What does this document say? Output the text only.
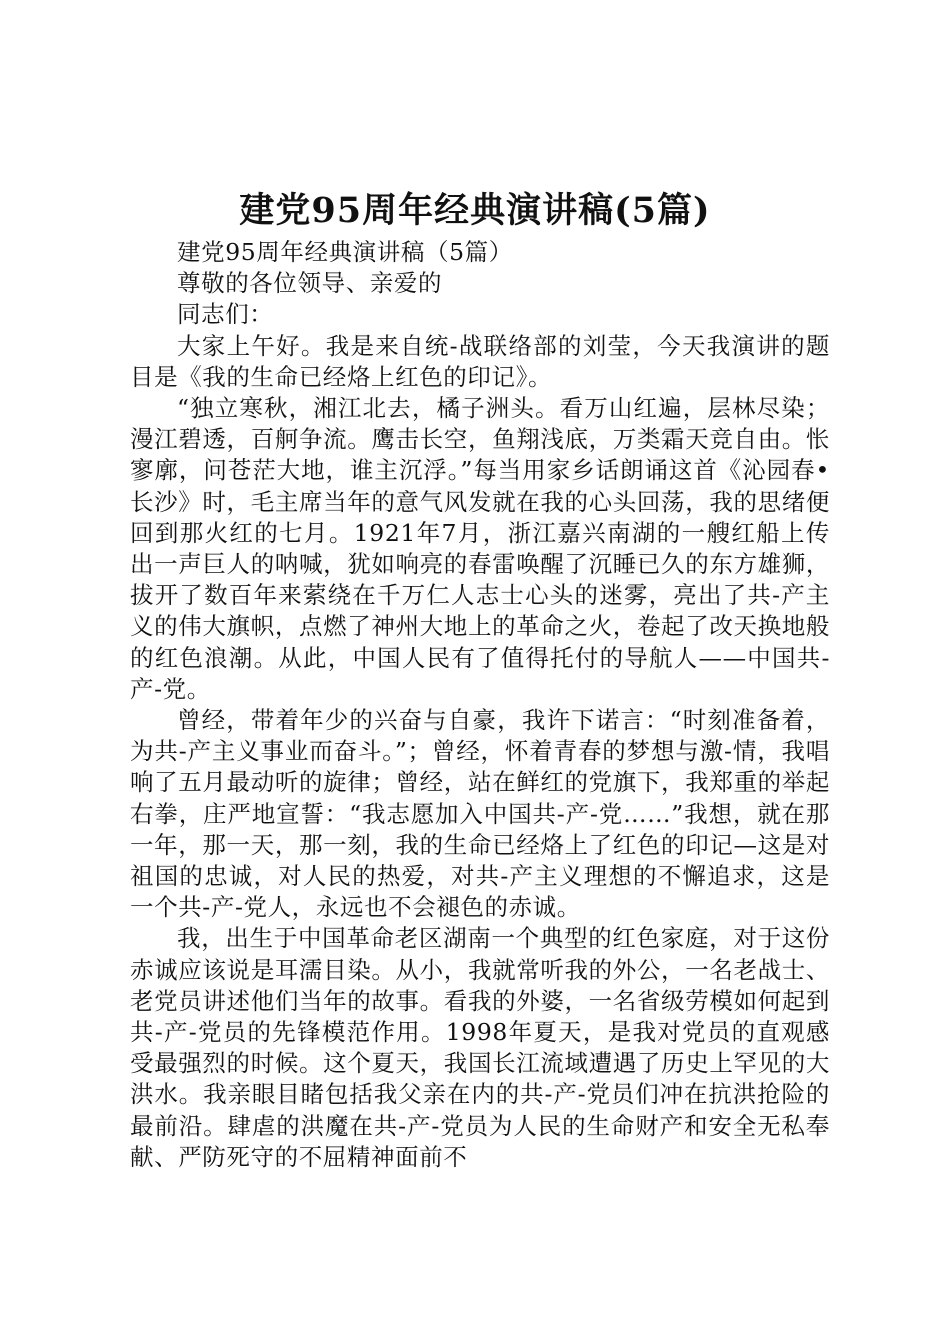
建党95周年经典演讲稿(5篇)

建党95周年经典演讲稿（5篇）

尊敬的各位领导、亲爱的

同志们：

大家上午好。我是来自统-战联络部的刘莹，今天我演讲的题目是《我的生命已经烙上红色的印记》。

“独立寒秋，湘江北去，橘子洲头。看万山红遍，层林尽染；漫江碧透，百舸争流。鹰击长空，鱼翔浅底，万类霜天竞自由。怅寥廓，问苍茫大地，谁主沉浮。”每当用家乡话朗诵这首《沁园春•长沙》时，毛主席当年的意气风发就在我的心头回荡，我的思绪便回到那火红的七月。1921年7月，浙江嘉兴南湖的一艘红船上传出一声巨人的呐喊，犹如响亮的春雷唤醒了沉睡已久的东方雄狮，拔开了数百年来萦绕在千万仁人志士心头的迷雾，亮出了共-产主义的伟大旗帜，点燃了神州大地上的革命之火，卷起了改天换地般的红色浪潮。从此，中国人民有了值得托付的导航人——中国共-产-党。

曾经，带着年少的兴奋与自豪，我许下诺言：“时刻准备着，为共-产主义事业而奋斗。”；曾经，怀着青春的梦想与激-情，我唱响了五月最动听的旋律；曾经，站在鲜红的党旗下，我郑重的举起右拳，庄严地宣誓：“我志愿加入中国共-产-党……”我想，就在那一年，那一天，那一刻，我的生命已经烙上了红色的印记—这是对祖国的忠诚，对人民的热爱，对共-产主义理想的不懈追求，这是一个共-产-党人，永远也不会褪色的赤诚。

我，出生于中国革命老区湖南一个典型的红色家庭，对于这份赤诚应该说是耳濡目染。从小，我就常听我的外公，一名老战士、老党员讲述他们当年的故事。看我的外婆，一名省级劳模如何起到共-产-党员的先锋模范作用。1998年夏天，是我对党员的直观感受最强烈的时候。这个夏天，我国长江流域遭遇了历史上罕见的大洪水。我亲眼目睹包括我父亲在内的共-产-党员们冲在抗洪抢险的最前沿。肆虐的洪魔在共-产-党员为人民的生命财产和安全无私奉献、严防死守的不屈精神面前不
